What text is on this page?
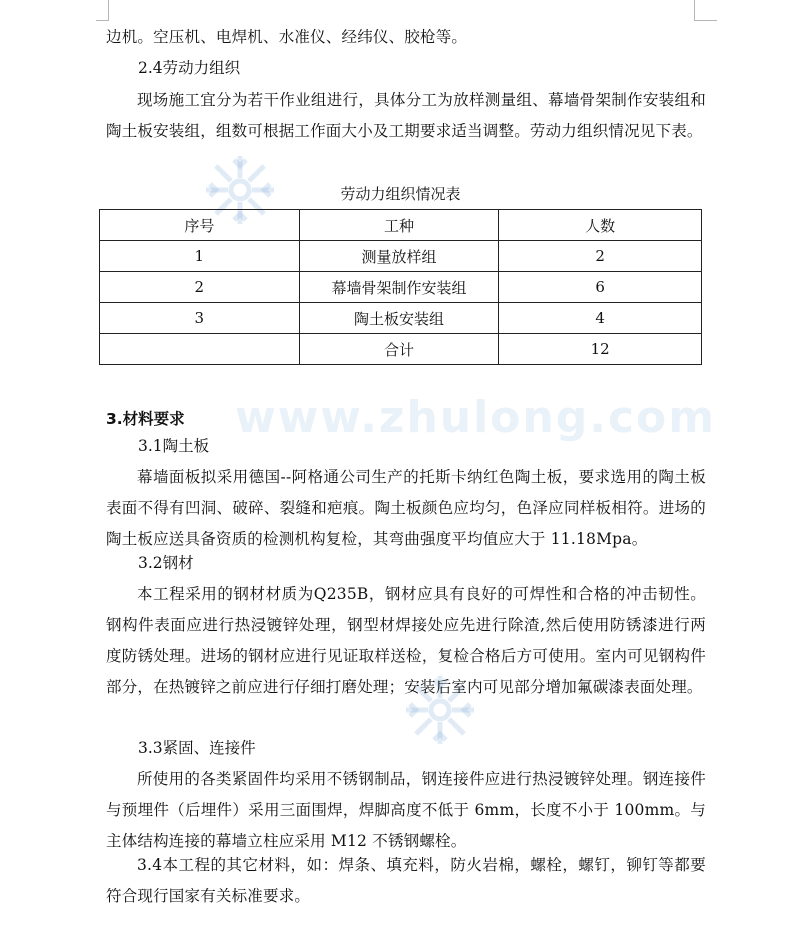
www.zhulong.com

边机。空压机、电焊机、水准仪、经纬仪、胶枪等。

2.4劳动力组织

现场施工宜分为若干作业组进行，具体分工为放样测量组、幕墙骨架制作安装组和陶土板安装组，组数可根据工作面大小及工期要求适当调整。劳动力组织情况见下表。

劳动力组织情况表

序号	工种	人数
1	测量放样组	2
2	幕墙骨架制作安装组	6
3	陶土板安装组	4
	合计	12

3.材料要求

3.1陶土板

幕墙面板拟采用德国--阿格通公司生产的托斯卡纳红色陶土板，要求选用的陶土板表面不得有凹洞、破碎、裂缝和疤痕。陶土板颜色应均匀，色泽应同样板相符。进场的陶土板应送具备资质的检测机构复检，其弯曲强度平均值应大于 11.18Mpa。

3.2钢材

本工程采用的钢材材质为Q235B，钢材应具有良好的可焊性和合格的冲击韧性。钢构件表面应进行热浸镀锌处理，钢型材焊接处应先进行除渣,然后使用防锈漆进行两度防锈处理。进场的钢材应进行见证取样送检，复检合格后方可使用。室内可见钢构件部分，在热镀锌之前应进行仔细打磨处理；安装后室内可见部分增加氟碳漆表面处理。

3.3紧固、连接件

所使用的各类紧固件均采用不锈钢制品，钢连接件应进行热浸镀锌处理。钢连接件与预埋件（后埋件）采用三面围焊，焊脚高度不低于 6mm，长度不小于 100mm。与主体结构连接的幕墙立柱应采用 M12 不锈钢螺栓。

3.4本工程的其它材料，如：焊条、填充料，防火岩棉，螺栓，螺钉，铆钉等都要符合现行国家有关标准要求。
